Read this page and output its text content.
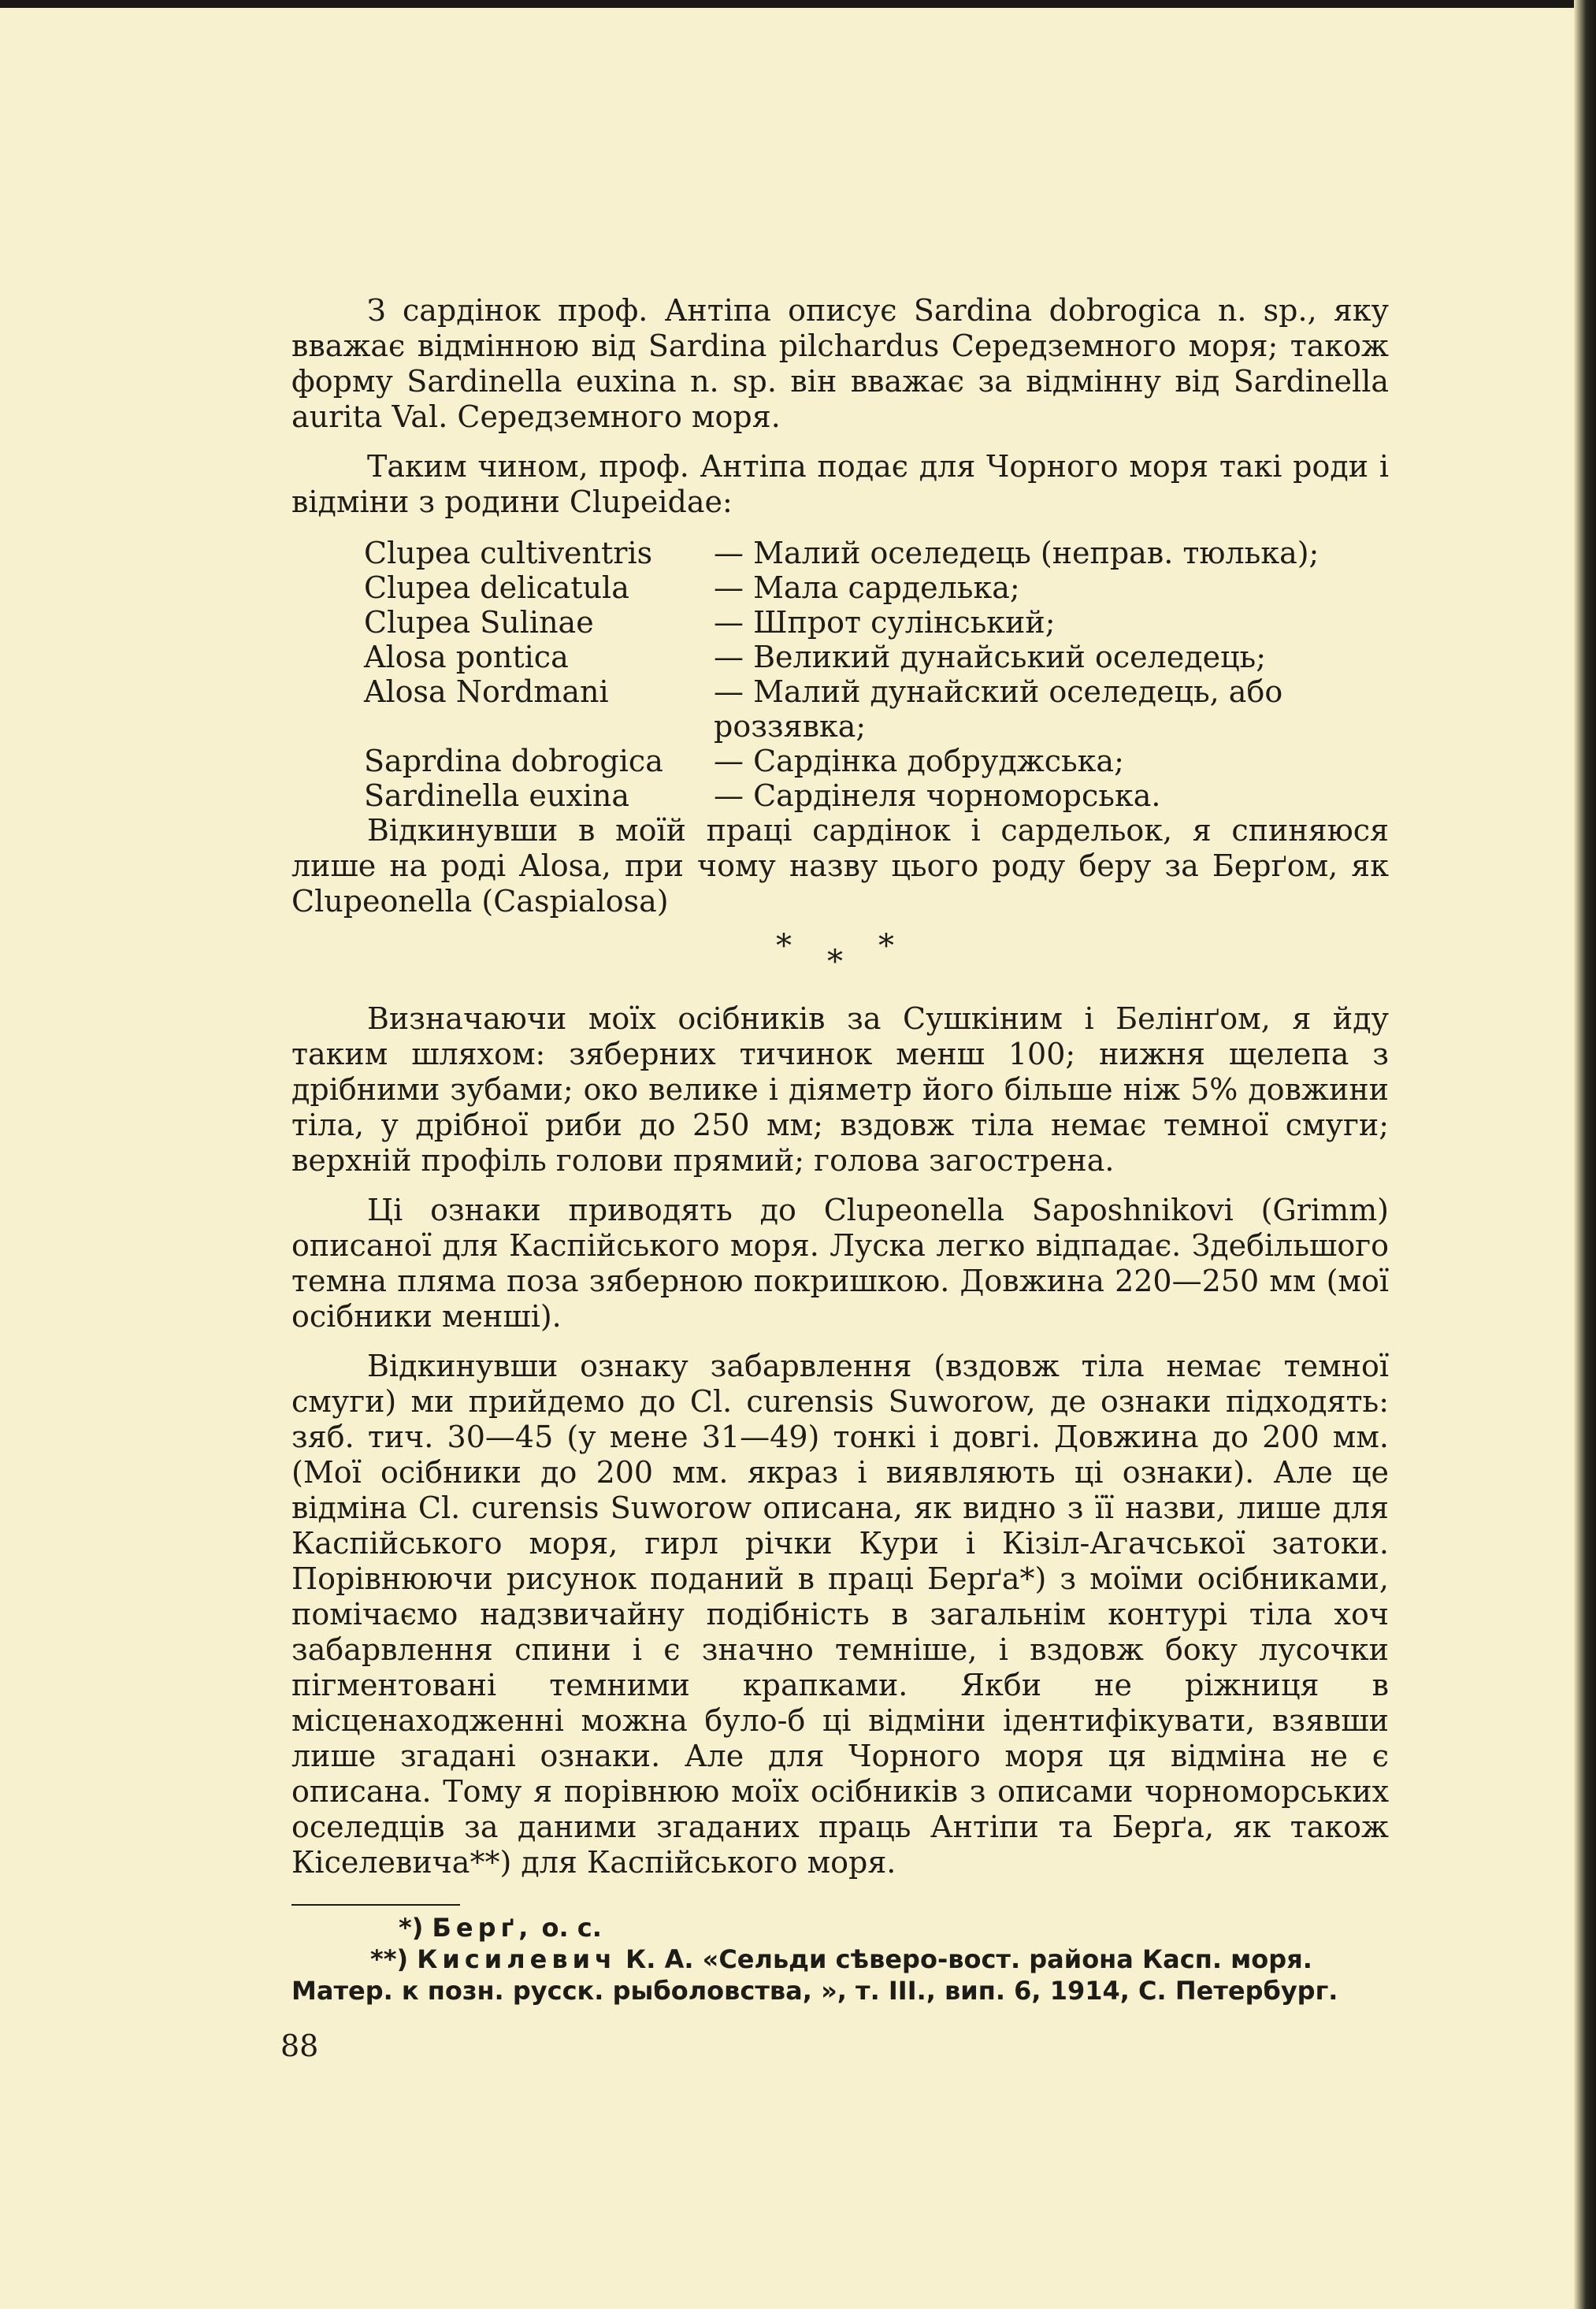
З сардінок проф. Антіпа описує Sardina dobrogica n. sp., яку вважає відмінною від Sardina pilchardus Середземного моря; також форму Sardinella euxina n. sp. він вважає за відмінну від Sardinella aurita Val. Середземного моря.

Таким чином, проф. Антіпа подає для Чорного моря такі роди і відміни з родини Clupeidae:

Clupea cultiventris	— Малий оселедець (неправ. тюлька);
Clupea delicatula	— Мала сарделька;
Clupea Sulinae	— Шпрот сулінський;
Alosa pontica	— Великий дунайський оселедець;
Alosa Nordmani	— Малий дунайский оселедець, або роззявка;
Saprdina dobrogica	— Сардінка добруджська;
Sardinella euxina	— Сардінеля чорноморська.

Відкинувши в моїй праці сардінок і сардельок, я спиняюся лише на роді Alosa, при чому назву цього роду беру за Берґом, як Clupeonella (Caspialosa)

* * *

Визначаючи моїх осібників за Сушкіним і Белінґом, я йду таким шляхом: зяберних тичинок менш 100; нижня щелепа з дрібними зубами; око велике і діяметр його більше ніж 5% довжини тіла, у дрібної риби до 250 мм; вздовж тіла немає темної смуги; верхній профіль голови прямий; голова загострена.

Ці ознаки приводять до Clupeonella Saposhnikovi (Grimm) описаної для Каспійського моря. Луска легко відпадає. Здебільшого темна пляма поза зяберною покришкою. Довжина 220—250 мм (мої осібники менші).

Відкинувши ознаку забарвлення (вздовж тіла немає темної смуги) ми прийдемо до Cl. curensis Suworow, де ознаки підходять: зяб. тич. 30—45 (у мене 31—49) тонкі і довгі. Довжина до 200 мм. (Мої осібники до 200 мм. якраз і виявляють ці ознаки). Але це відміна Cl. curensis Suworow описана, як видно з її назви, лише для Каспійського моря, гирл річки Кури і Кізіл-Агачської затоки. Порівнюючи рисунок поданий в праці Берґа*) з моїми осібниками, помічаємо надзвичайну подібність в загальнім контурі тіла хоч забарвлення спини і є значно темніше, і вздовж боку лусочки пігментовані темними крапками. Якби не ріжниця в місценаходженні можна було-б ці відміни ідентифікувати, взявши лише згадані ознаки. Але для Чорного моря ця відміна не є описана. Тому я порівнюю моїх осібників з описами чорноморських оселедців за даними згаданих праць Антіпи та Берґа, як також Кіселевича**) для Каспійського моря.

*) Берґ, о. с.
**) Кисилевич К. А. «Сельди сѣверо-вост. района Касп. моря. Матер. к позн. русск. рыболовства, », т. III., вип. 6, 1914, С. Петербург.
88
